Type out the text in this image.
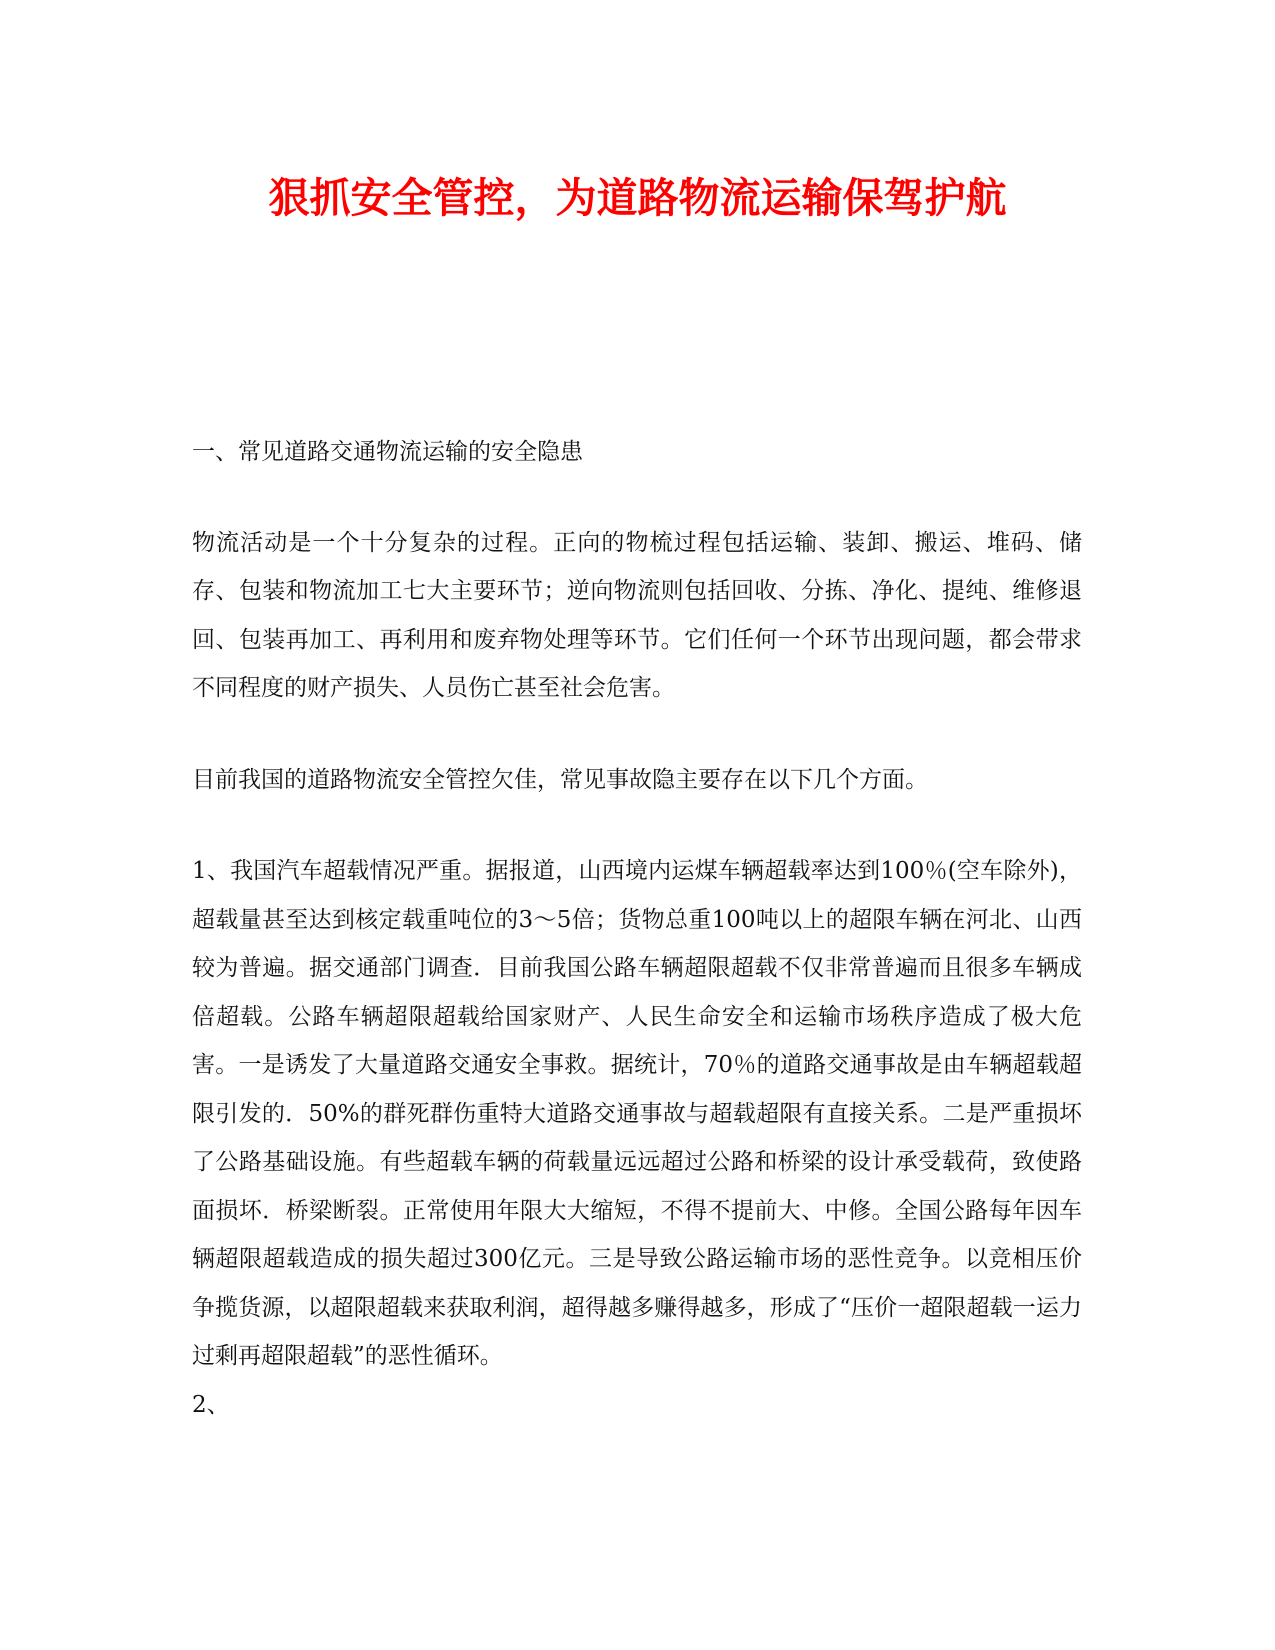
狠抓安全管控，为道路物流运输保驾护航

一、常见道路交通物流运输的安全隐患

物流活动是一个十分复杂的过程。正向的物梳过程包括运输、装卸、搬运、堆码、储存、包装和物流加工七大主要环节；逆向物流则包括回收、分拣、净化、提纯、维修退回、包装再加工、再利用和废弃物处理等环节。它们任何一个环节出现问题，都会带求不同程度的财产损失、人员伤亡甚至社会危害。

目前我国的道路物流安全管控欠佳，常见事故隐主要存在以下几个方面。

1、我国汽车超载情况严重。据报道，山西境内运煤车辆超载率达到100％(空车除外)，超载量甚至达到核定载重吨位的3～5倍；货物总重100吨以上的超限车辆在河北、山西较为普遍。据交通部门调查．目前我国公路车辆超限超载不仅非常普遍而且很多车辆成倍超载。公路车辆超限超载给国家财产、人民生命安全和运输市场秩序造成了极大危害。一是诱发了大量道路交通安全事救。据统计，70％的道路交通事故是由车辆超载超限引发的．50%的群死群伤重特大道路交通事故与超载超限有直接关系。二是严重损坏了公路基础设施。有些超载车辆的荷载量远远超过公路和桥梁的设计承受载荷，致使路面损坏．桥梁断裂。正常使用年限大大缩短，不得不提前大、中修。全国公路每年因车辆超限超载造成的损失超过300亿元。三是导致公路运输市场的恶性竞争。以竞相压价争揽货源，以超限超载来获取利润，超得越多赚得越多，形成了“压价一超限超载一运力过剩再超限超载”的恶性循环。

2、
